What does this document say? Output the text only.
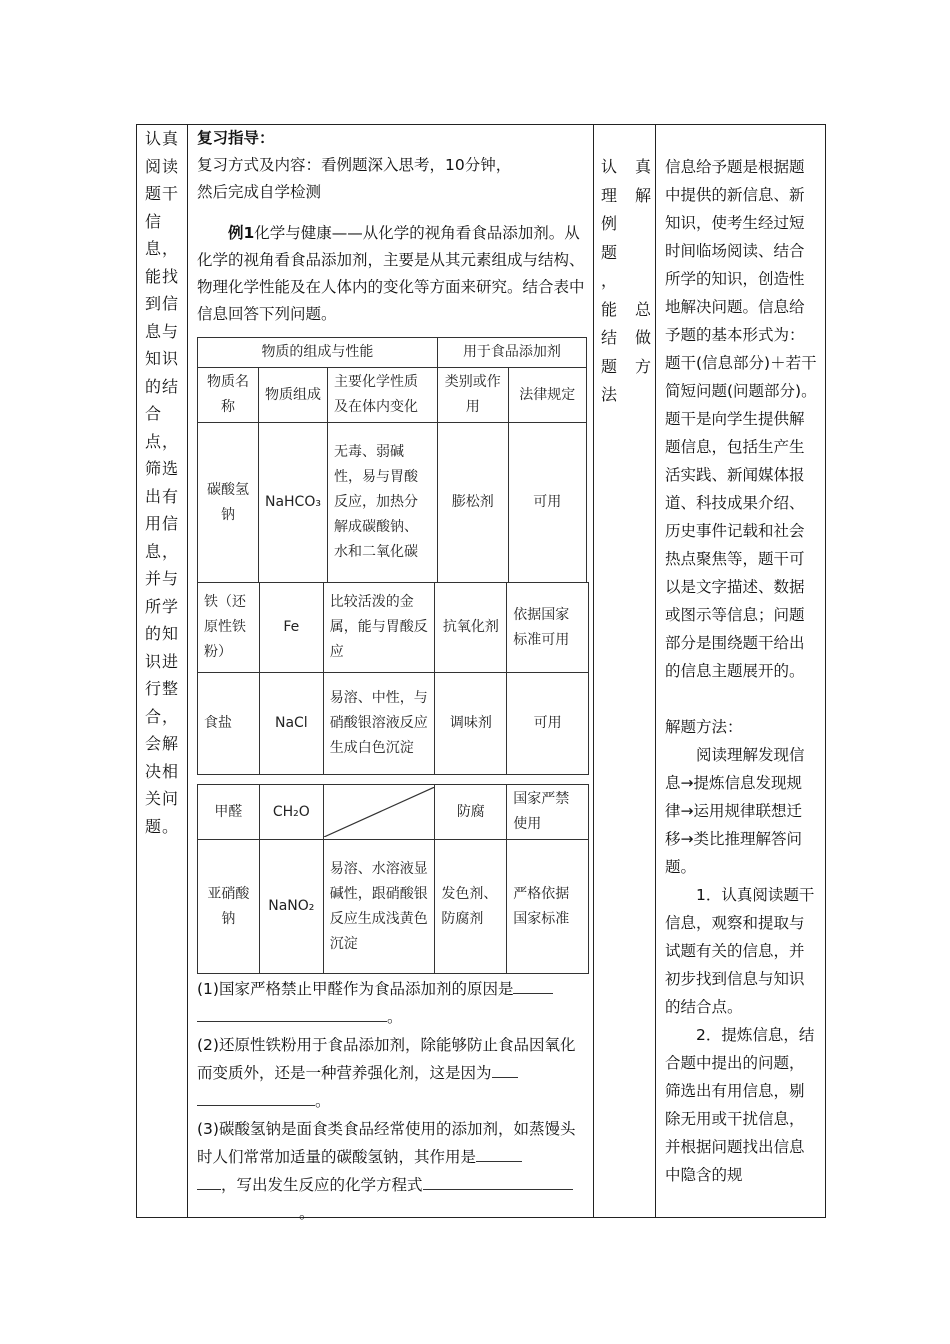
认真阅读题干信息，能找到信息与知识的结合点，筛选出有用信息，并与所学的知识进行整合，会解决相关问题。

复习指导：

复习方式及内容：看例题深入思考，10分钟，

然后完成自学检测

例1化学与健康——从化学的视角看食品添加剂。从化学的视角看食品添加剂，主要是从其元素组成与结构、物理化学性能及在人体内的变化等方面来研究。结合表中信息回答下列问题。

物质的组成与性能			用于食品添加剂	
物质名称	物质组成	主要化学性质及在体内变化	类别或作用	法律规定
碳酸氢钠	NaHCO₃	无毒、弱碱性，易与胃酸反应，加热分解成碳酸钠、水和二氧化碳	膨松剂	可用
铁（还原性铁粉）	Fe	比较活泼的金属，能与胃酸反应	抗氧化剂	依据国家标准可用
食盐	NaCl	易溶、中性，与硝酸银溶液反应生成白色沉淀	调味剂	可用
甲醛	CH₂O		防腐	国家严禁使用
亚硝酸钠	NaNO₂	易溶、水溶液显碱性，跟硝酸银反应生成浅黄色沉淀	发色剂、防腐剂	严格依据国家标准
(1)国家严格禁止甲醛作为食品添加剂的原因是
。
(2)还原性铁粉用于食品添加剂，除能够防止食品因氧化而变质外，还是一种营养强化剂，这是因为
。
(3)碳酸氢钠是面食类食品经常使用的添加剂，如蒸馒头时人们常常加适量的碳酸氢钠，其作用是
，写出发生反应的化学方程式
。
认 真
理 解
例
题
，
能 总
结 做
题 方
法

信息给予题是根据题中提供的新信息、新知识，使考生经过短时间临场阅读、结合所学的知识，创造性地解决问题。信息给予题的基本形式为：题干(信息部分)＋若干简短问题(问题部分)。题干是向学生提供解题信息，包括生产生活实践、新闻媒体报道、科技成果介绍、历史事件记载和社会热点聚焦等，题干可以是文字描述、数据或图示等信息；问题部分是围绕题干给出的信息主题展开的。

解题方法：

阅读理解发现信息→提炼信息发现规律→运用规律联想迁移→类比推理解答问题。

1．认真阅读题干信息，观察和提取与试题有关的信息，并初步找到信息与知识的结合点。

2．提炼信息，结合题中提出的问题，筛选出有用信息，剔除无用或干扰信息，并根据问题找出信息中隐含的规
